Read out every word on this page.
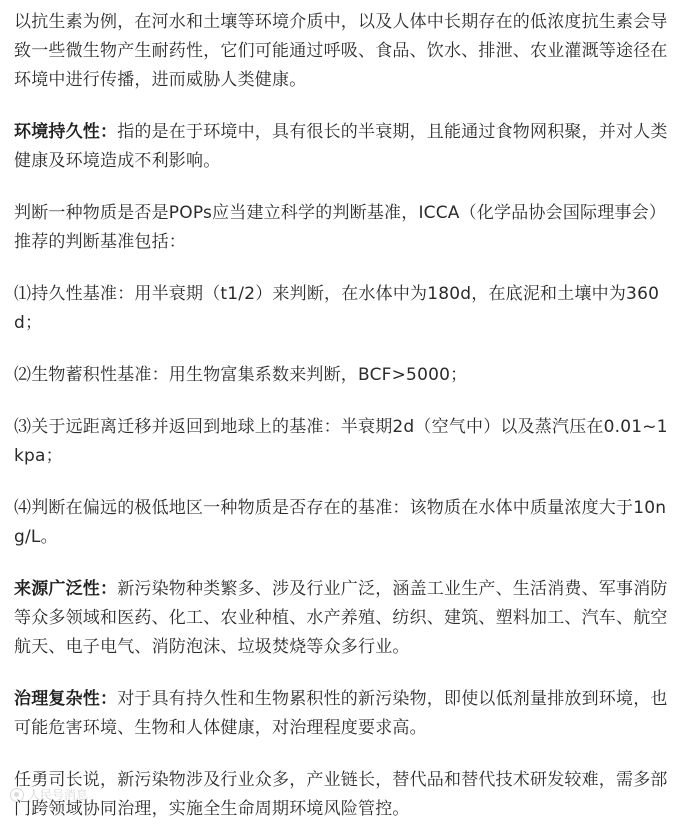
以抗生素为例，在河水和土壤等环境介质中，以及人体中长期存在的低浓度抗生素会导致一些微生物产生耐药性，它们可能通过呼吸、食品、饮水、排泄、农业灌溉等途径在环境中进行传播，进而威胁人类健康。

环境持久性：指的是在于环境中，具有很长的半衰期，且能通过食物网积聚，并对人类健康及环境造成不利影响。

判断一种物质是否是POPs应当建立科学的判断基准，ICCA（化学品协会国际理事会）推荐的判断基准包括：

⑴持久性基准：用半衰期（t1/2）来判断，在水体中为180d，在底泥和土壤中为360d；

⑵生物蓄积性基准：用生物富集系数来判断，BCF>5000；

⑶关于远距离迁移并返回到地球上的基准：半衰期2d（空气中）以及蒸汽压在0.01~1kpa；

⑷判断在偏远的极低地区一种物质是否存在的基准：该物质在水体中质量浓度大于10ng/L。

来源广泛性：新污染物种类繁多、涉及行业广泛，涵盖工业生产、生活消费、军事消防等众多领域和医药、化工、农业种植、水产养殖、纺织、建筑、塑料加工、汽车、航空航天、电子电气、消防泡沫、垃圾焚烧等众多行业。

治理复杂性：对于具有持久性和生物累积性的新污染物，即使以低剂量排放到环境，也可能危害环境、生物和人体健康，对治理程度要求高。

任勇司长说，新污染物涉及行业众多，产业链长，替代品和替代技术研发较难，需多部门跨领域协同治理，实施全生命周期环境风险管控。

人民号消息
